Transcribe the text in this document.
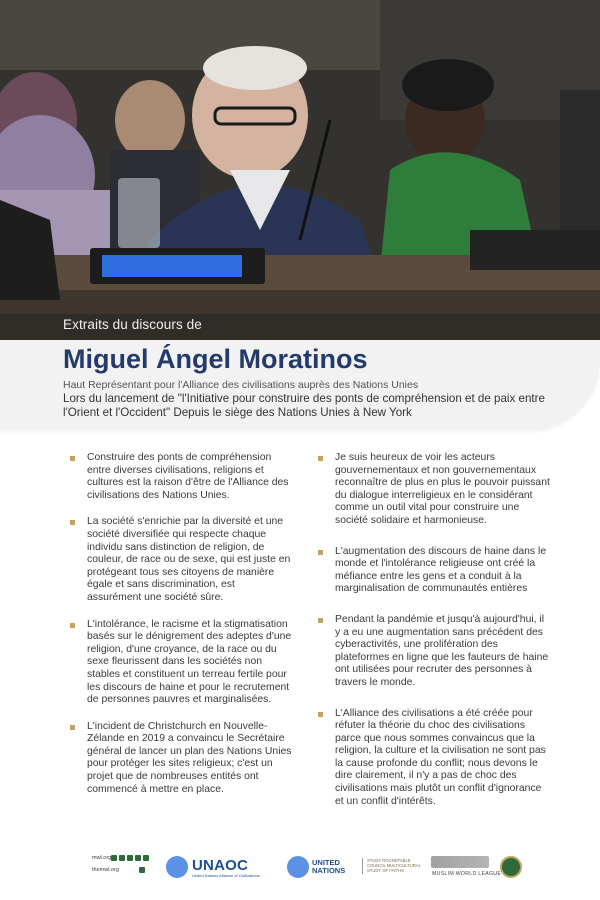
Extraits du discours de
Miguel Ángel Moratinos
Haut Représentant pour l'Alliance des civilisations auprès des Nations Unies
Lors du lancement de "l'Initiative pour construire des ponts de compréhension et de paix entre l'Orient et l'Occident" Depuis le siège des Nations Unies à New York
Construire des ponts de compréhension entre diverses civilisations, religions et cultures est la raison d'être de l'Alliance des civilisations des Nations Unies.
La société s'enrichie par la diversité et une société diversifiée qui respecte chaque individu sans distinction de religion, de couleur, de race ou de sexe, qui est juste en protégeant tous ses citoyens de manière égale et sans discrimination, est assurément une société sûre.
L'intolérance, le racisme et la stigmatisation basés sur le dénigrement des adeptes d'une religion, d'une croyance, de la race ou du sexe fleurissent dans les sociétés non stables et constituent un terreau fertile pour les discours de haine et pour le recrutement de personnes pauvres et marginalisées.
L'incident de Christchurch en Nouvelle-Zélande en 2019 a convaincu le Secrétaire général de lancer un plan des Nations Unies pour protéger les sites religieux; c'est un projet que de nombreuses entités ont commencé à mettre en place.
Je suis heureux de voir les acteurs gouvernementaux et non gouvernementaux reconnaître de plus en plus le pouvoir puissant du dialogue interreligieux en le considérant comme un outil vital pour construire une société solidaire et harmonieuse.
L'augmentation des discours de haine dans le monde et l'intolérance religieuse ont créé la méfiance entre les gens et a conduit à la marginalisation de communautés entières
Pendant la pandémie et jusqu'à aujourd'hui, il y a eu une augmentation sans précédent des cyberactivités, une prolifération des plateformes en ligne que les fauteurs de haine ont utilisées pour recruter des personnes à travers le monde.
L'Alliance des civilisations a été créée pour réfuter la théorie du choc des civilisations parce que nous sommes convaincus que la religion, la culture et la civilisation ne sont pas la cause profonde du conflit; nous devons le dire clairement, il n'y a pas de choc des civilisations mais plutôt un conflit d'ignorance et un conflit d'intérêts.
mwl.org
themwl.org	UNAOC
United Nations Alliance of Civilizations
UNITED
NATIONS
STUDY ROUNDTABLE COUNCIL MULTICULTURAL STUDY OF FAITHS
MUSLIM WORLD LEAGUE
